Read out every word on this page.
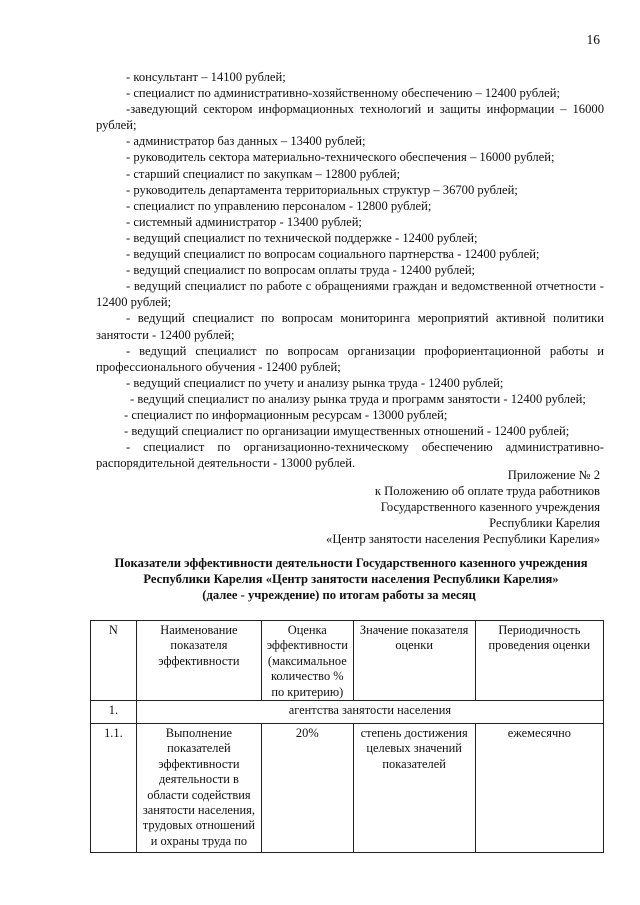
16
- консультант – 14100 рублей;
- специалист по административно-хозяйственному обеспечению – 12400 рублей;
-заведующий сектором информационных технологий и защиты информации – 16000 рублей;
- администратор баз данных – 13400 рублей;
- руководитель сектора материально-технического обеспечения – 16000 рублей;
- старший специалист по закупкам – 12800 рублей;
- руководитель департамента территориальных структур – 36700 рублей;
- специалист по управлению персоналом - 12800 рублей;
- системный администратор - 13400 рублей;
- ведущий специалист по технической поддержке - 12400 рублей;
- ведущий специалист по вопросам социального партнерства - 12400 рублей;
- ведущий специалист по вопросам оплаты труда - 12400 рублей;
- ведущий специалист по работе с обращениями граждан и ведомственной отчетности - 12400 рублей;
- ведущий специалист по вопросам мониторинга мероприятий активной политики занятости - 12400 рублей;
- ведущий специалист по вопросам организации профориентационной работы и профессионального обучения - 12400 рублей;
- ведущий специалист по учету и анализу рынка труда - 12400 рублей;
- ведущий специалист по анализу рынка труда и программ занятости - 12400 рублей;
- специалист по информационным ресурсам - 13000 рублей;
- ведущий специалист по организации имущественных отношений - 12400 рублей;
- специалист по организационно-техническому обеспечению административно-распорядительной деятельности - 13000 рублей.
Приложение № 2
к Положению об оплате труда работников
Государственного казенного учреждения
Республики Карелия
«Центр занятости населения Республики Карелия»
Показатели эффективности деятельности Государственного казенного учреждения
Республики Карелия «Центр занятости населения Республики Карелия»
(далее - учреждение) по итогам работы за месяц
N	Наименование показателя эффективности	Оценка эффективности (максимальное количество % по критерию)	Значение показателя оценки	Периодичность проведения оценки
1.	агентства занятости населения			
1.1.	Выполнение показателей эффективности деятельности в области содействия занятости населения, трудовых отношений и охраны труда по	20%	степень достижения целевых значений показателей	ежемесячно
